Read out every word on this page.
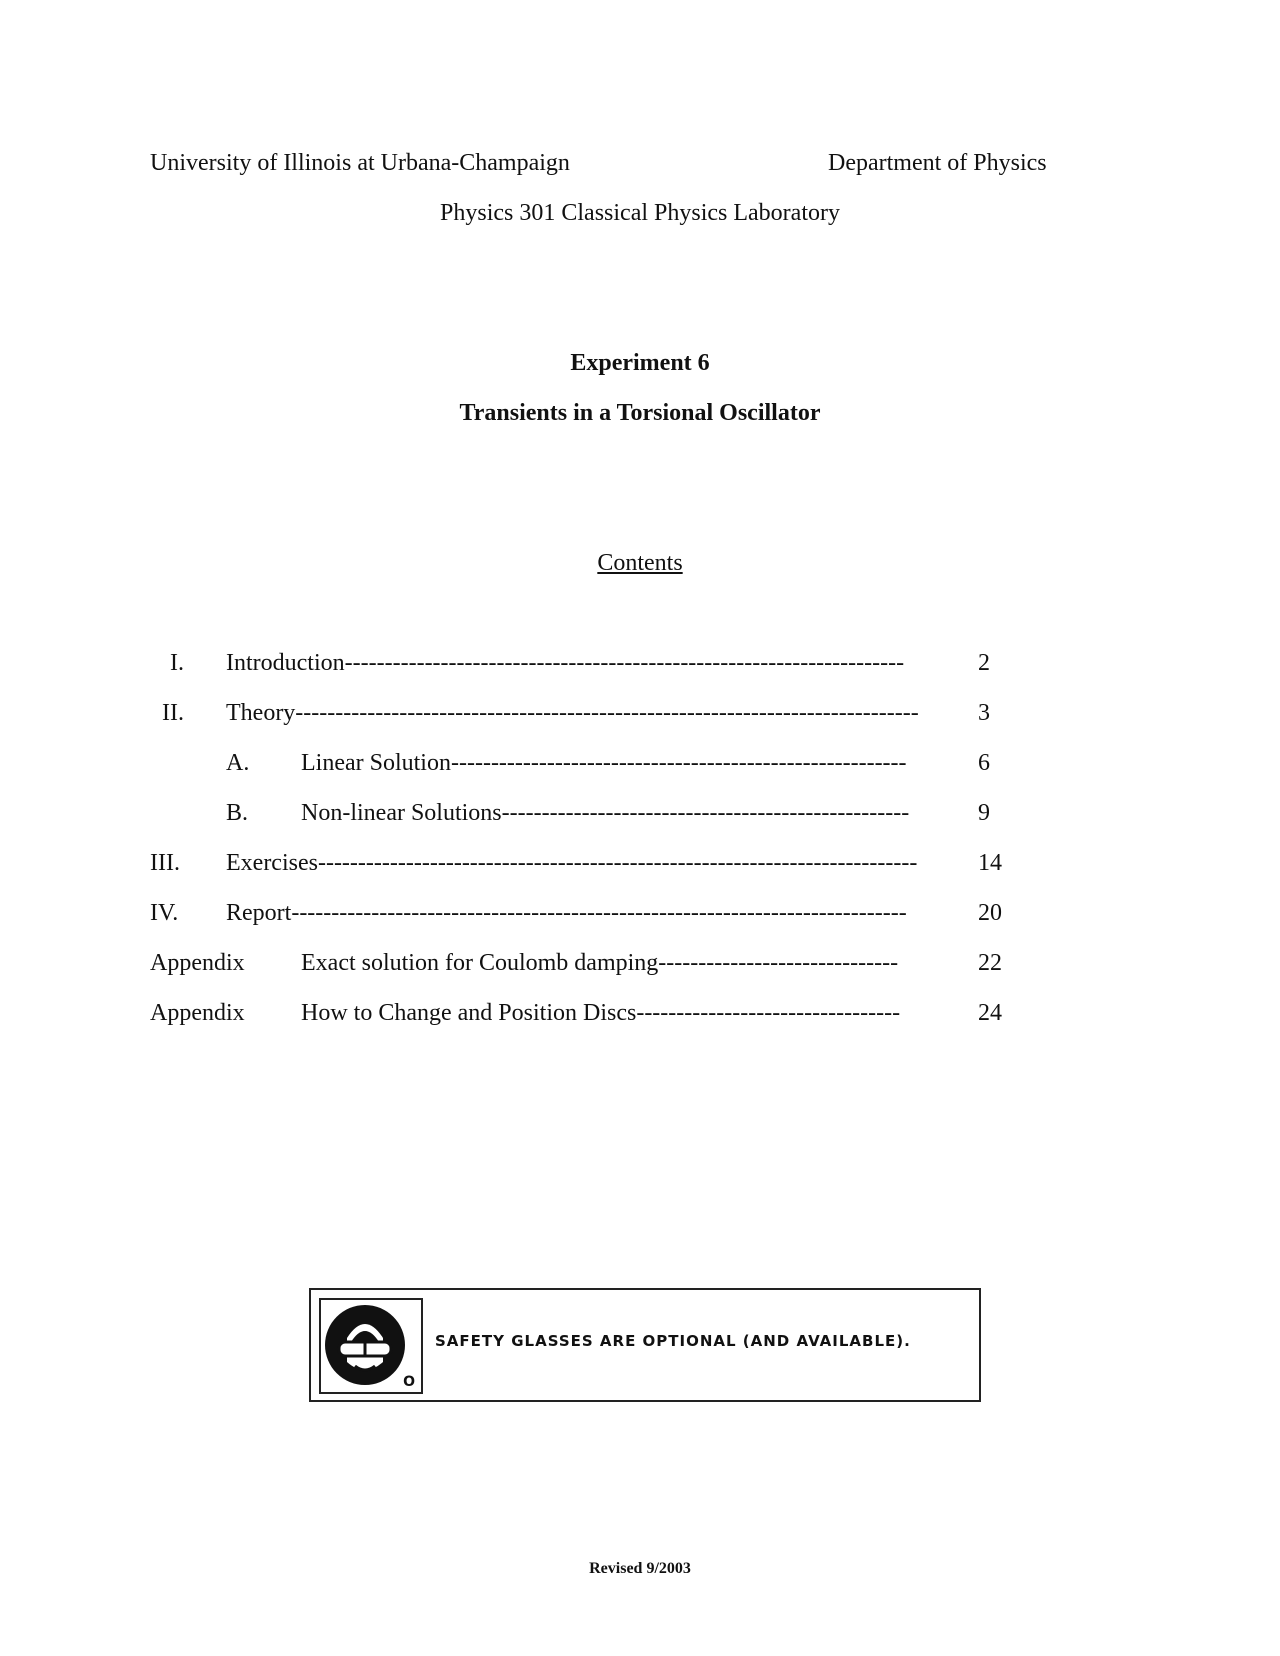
University of Illinois at Urbana-Champaign	Department of Physics
Physics 301 Classical Physics Laboratory
Experiment 6
Transients in a Torsional Oscillator
Contents
I. Introduction----------------------------------------------------------------------	2
II. Theory------------------------------------------------------------------------------ 3
A. Linear Solution---------------------------------------------------------	6
B. Non-linear Solutions---------------------------------------------------	9
III. Exercises---------------------------------------------------------------------------	14
IV. Report-----------------------------------------------------------------------------	20
Appendix Exact solution for Coulomb damping------------------------------	22
Appendix How to Change and Position Discs---------------------------------	24
O
SAFETY GLASSES ARE OPTIONAL (AND AVAILABLE).
Revised 9/2003
